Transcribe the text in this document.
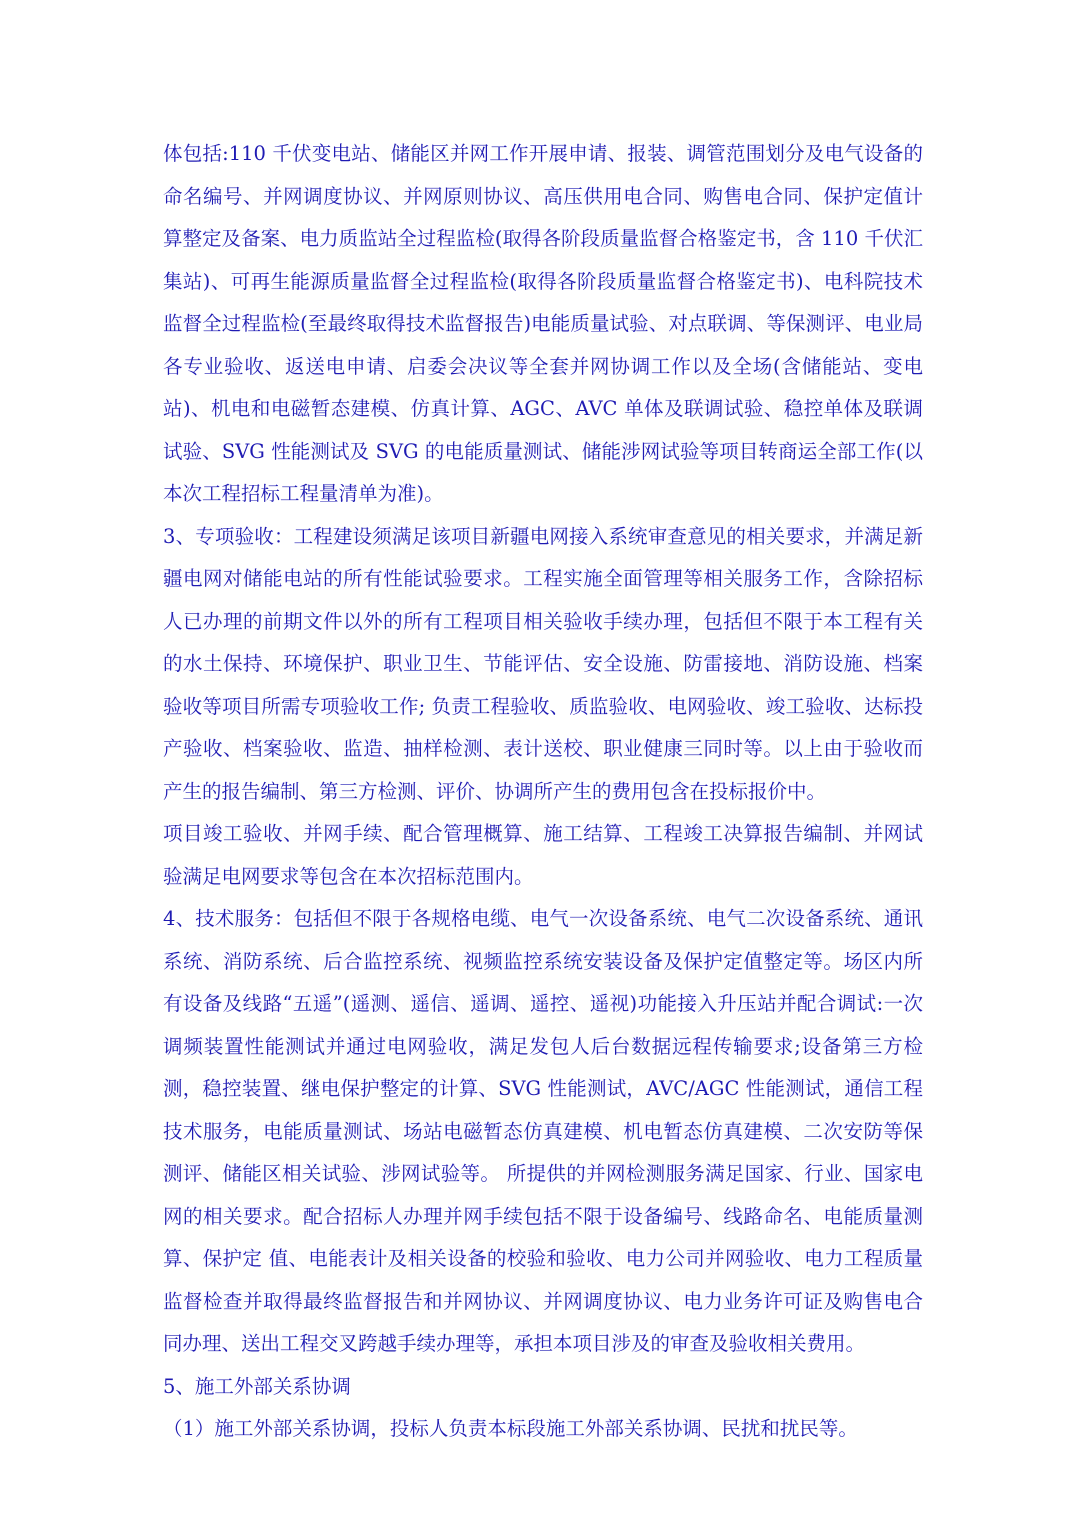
体包括:110 千伏变电站、储能区并网工作开展申请、报装、调管范围划分及电气设备的命名编号、并网调度协议、并网原则协议、高压供用电合同、购售电合同、保护定值计算整定及备案、电力质监站全过程监检(取得各阶段质量监督合格鉴定书，含 110 千伏汇集站)、可再生能源质量监督全过程监检(取得各阶段质量监督合格鉴定书)、电科院技术监督全过程监检(至最终取得技术监督报告)电能质量试验、对点联调、等保测评、电业局各专业验收、返送电申请、启委会决议等全套并网协调工作以及全场(含储能站、变电站)、机电和电磁暂态建模、仿真计算、AGC、AVC 单体及联调试验、稳控单体及联调试验、SVG 性能测试及 SVG 的电能质量测试、储能涉网试验等项目转商运全部工作(以本次工程招标工程量清单为准)。

3、专项验收：工程建设须满足该项目新疆电网接入系统审查意见的相关要求，并满足新疆电网对储能电站的所有性能试验要求。工程实施全面管理等相关服务工作，含除招标人已办理的前期文件以外的所有工程项目相关验收手续办理，包括但不限于本工程有关的水土保持、环境保护、职业卫生、节能评估、安全设施、防雷接地、消防设施、档案验收等项目所需专项验收工作; 负责工程验收、质监验收、电网验收、竣工验收、达标投产验收、档案验收、监造、抽样检测、表计送校、职业健康三同时等。以上由于验收而产生的报告编制、第三方检测、评价、协调所产生的费用包含在投标报价中。

项目竣工验收、并网手续、配合管理概算、施工结算、工程竣工决算报告编制、并网试验满足电网要求等包含在本次招标范围内。

4、技术服务：包括但不限于各规格电缆、电气一次设备系统、电气二次设备系统、通讯系统、消防系统、后合监控系统、视频监控系统安装设备及保护定值整定等。场区内所有设备及线路“五遥”(遥测、遥信、遥调、遥控、遥视)功能接入升压站并配合调试:一次调频装置性能测试并通过电网验收，满足发包人后台数据远程传输要求;设备第三方检测，稳控装置、继电保护整定的计算、SVG 性能测试，AVC/AGC 性能测试，通信工程技术服务，电能质量测试、场站电磁暂态仿真建模、机电暂态仿真建模、二次安防等保测评、储能区相关试验、涉网试验等。 所提供的并网检测服务满足国家、行业、国家电网的相关要求。配合招标人办理并网手续包括不限于设备编号、线路命名、电能质量测算、保护定 值、电能表计及相关设备的校验和验收、电力公司并网验收、电力工程质量监督检查并取得最终监督报告和并网协议、并网调度协议、电力业务许可证及购售电合同办理、送出工程交叉跨越手续办理等，承担本项目涉及的审查及验收相关费用。

5、施工外部关系协调

（1）施工外部关系协调，投标人负责本标段施工外部关系协调、民扰和扰民等。
